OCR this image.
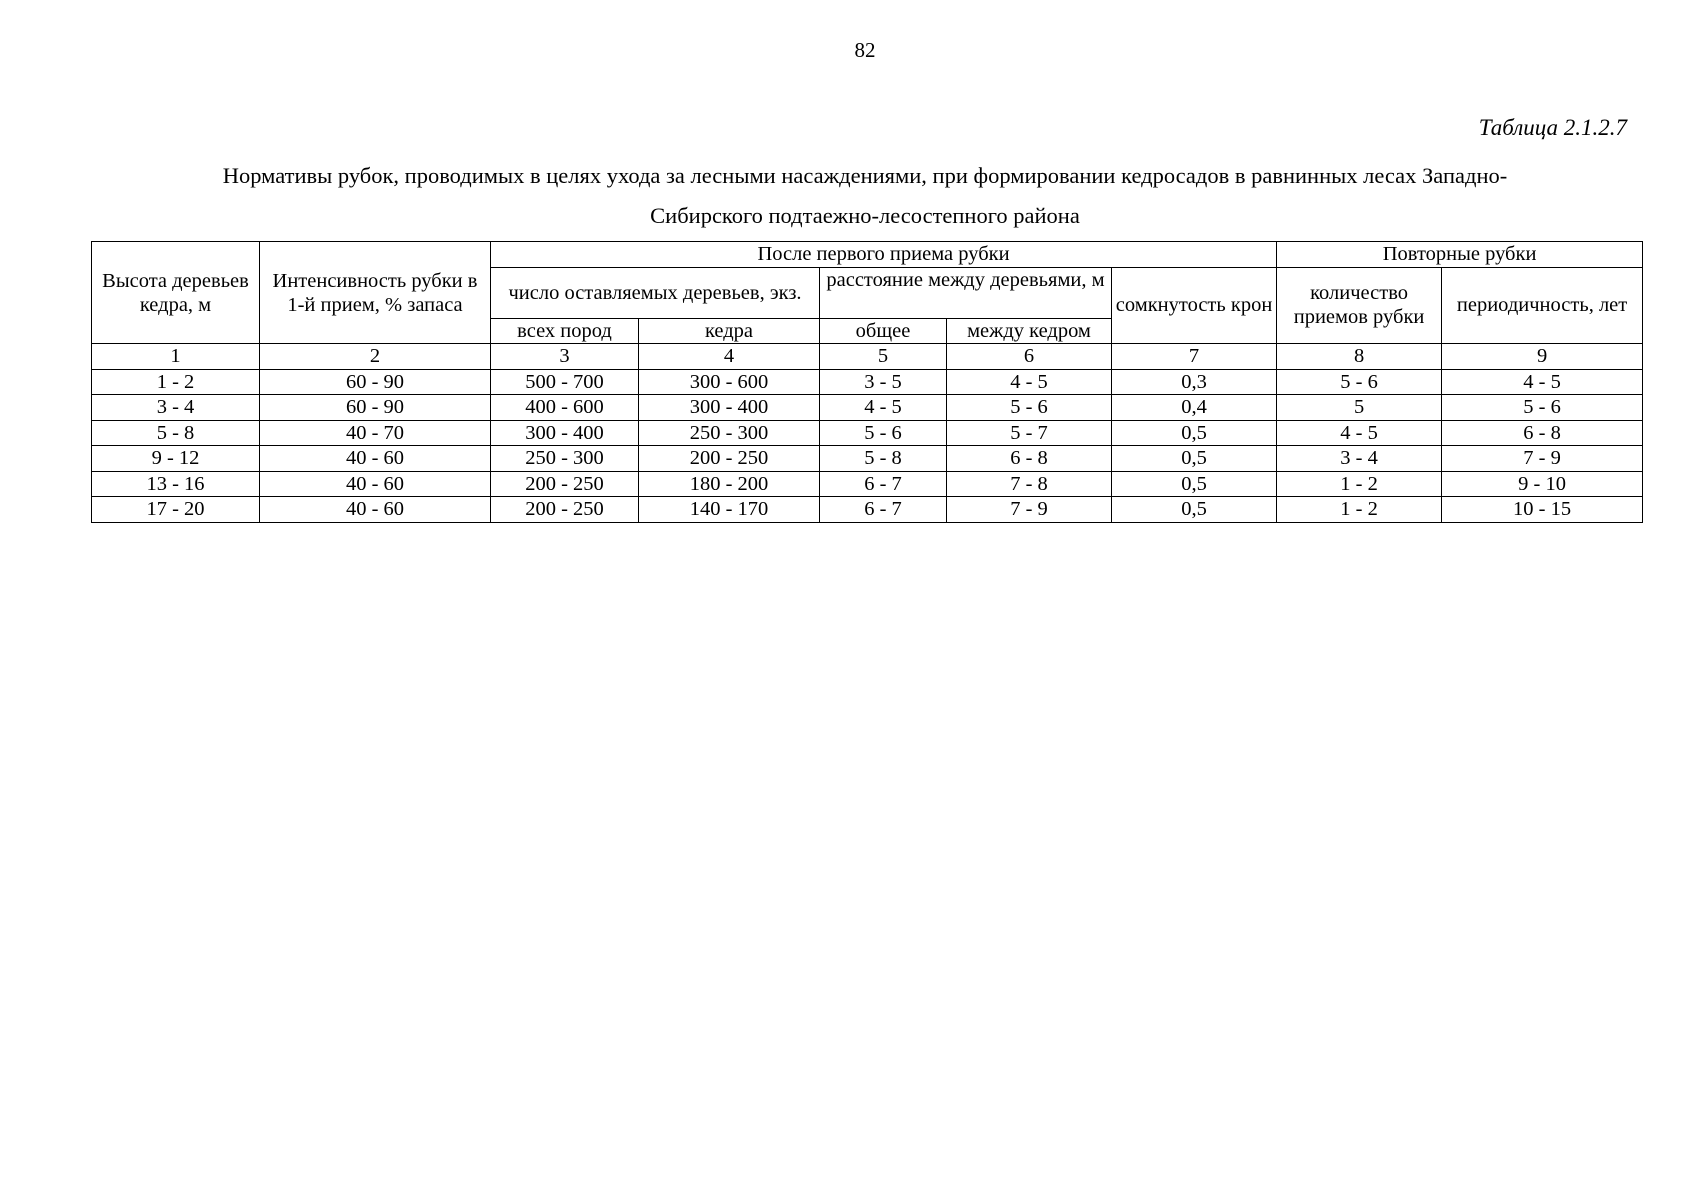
82
Таблица 2.1.2.7
Нормативы рубок, проводимых в целях ухода за лесными насаждениями, при формировании кедросадов в равнинных лесах Западно-
Сибирского подтаежно-лесостепного района
Высота деревьев кедра, м	Интенсивность рубки в 1-й прием, % запаса	После первого приема рубки					Повторные рубки	
		число оставляемых деревьев, экз.		расстояние между деревьями, м		сомкнутость крон	количество приемов рубки	периодичность, лет
		всех пород	кедра	общее	между кедром			
1	2	3	4	5	6	7	8	9
1 - 2	60 - 90	500 - 700	300 - 600	3 - 5	4 - 5	0,3	5 - 6	4 - 5
3 - 4	60 - 90	400 - 600	300 - 400	4 - 5	5 - 6	0,4	5	5 - 6
5 - 8	40 - 70	300 - 400	250 - 300	5 - 6	5 - 7	0,5	4 - 5	6 - 8
9 - 12	40 - 60	250 - 300	200 - 250	5 - 8	6 - 8	0,5	3 - 4	7 - 9
13 - 16	40 - 60	200 - 250	180 - 200	6 - 7	7 - 8	0,5	1 - 2	9 - 10
17 - 20	40 - 60	200 - 250	140 - 170	6 - 7	7 - 9	0,5	1 - 2	10 - 15
